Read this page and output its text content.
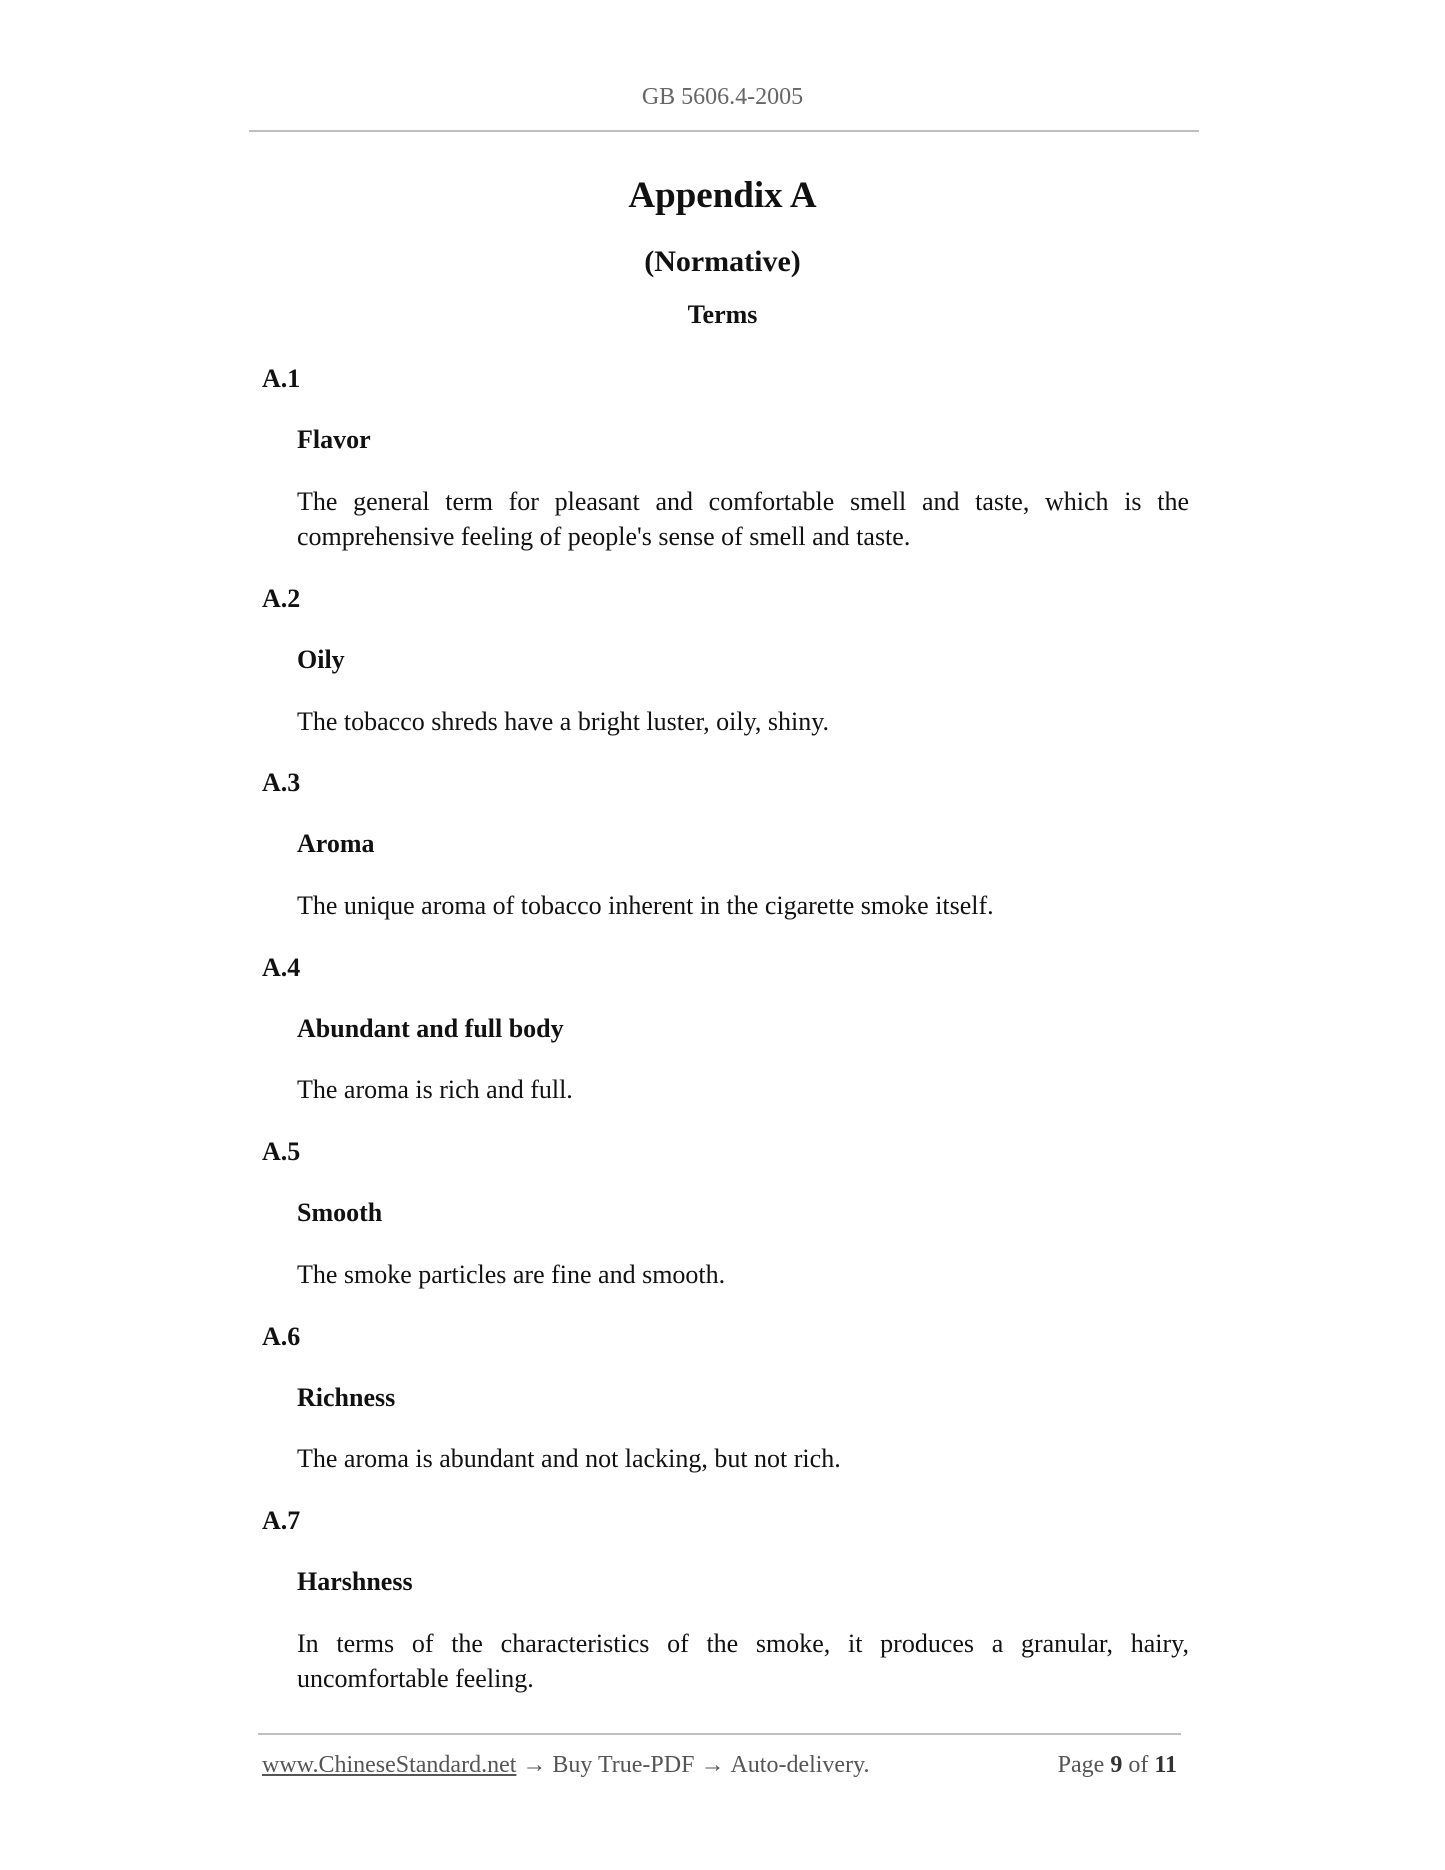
GB 5606.4-2005
Appendix A
(Normative)
Terms
A.1
Flavor

The general term for pleasant and comfortable smell and taste, which is the comprehensive feeling of people's sense of smell and taste.

A.2
Oily

The tobacco shreds have a bright luster, oily, shiny.

A.3
Aroma

The unique aroma of tobacco inherent in the cigarette smoke itself.

A.4
Abundant and full body

The aroma is rich and full.

A.5
Smooth

The smoke particles are fine and smooth.

A.6
Richness

The aroma is abundant and not lacking, but not rich.

A.7
Harshness

In terms of the characteristics of the smoke, it produces a granular, hairy, uncomfortable feeling.

www.ChineseStandard.net → Buy True-PDF → Auto-delivery.	Page 9 of 11
